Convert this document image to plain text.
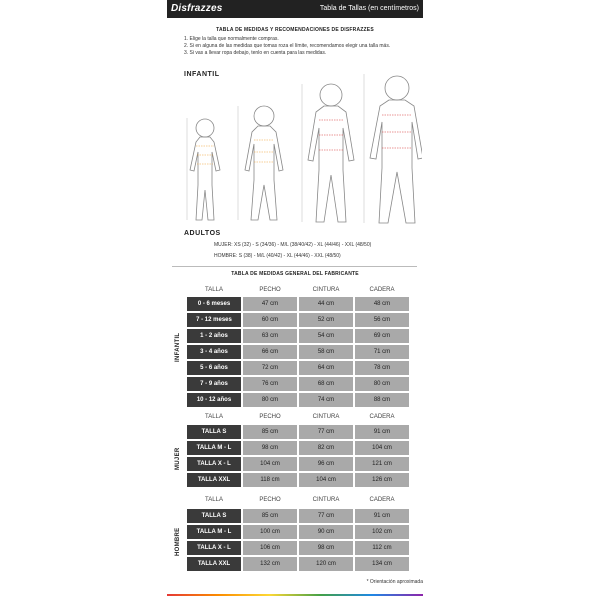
Disfrazzes	Tabla de Tallas (en centímetros)
TABLA DE MEDIDAS Y RECOMENDACIONES DE DISFRAZZES
1. Elige la talla que normalmente compras.
2. Si en alguna de las medidas que tomas roza el límite, recomendamos elegir una talla más.
3. Si vas a llevar ropa debajo, tenlo en cuenta para las medidas.
INFANTIL
ADULTOS
MUJER: XS (32) - S (34/36) - M/L (38/40/42) - XL (44/46) - XXL (48/50)
HOMBRE: S (38) - M/L (40/42) - XL (44/46) - XXL (48/50)
TABLA DE MEDIDAS GENERAL DEL FABRICANTE
TALLA	PECHO	CINTURA	CADERA
0 - 6 meses	47 cm	44 cm	48 cm
7 - 12 meses	60 cm	52 cm	56 cm
1 - 2 años	63 cm	54 cm	69 cm
3 - 4 años	66 cm	58 cm	71 cm
5 - 6 años	72 cm	64 cm	78 cm
7 - 9 años	76 cm	68 cm	80 cm
10 - 12 años	80 cm	74 cm	88 cm
INFANTIL
TALLA	PECHO	CINTURA	CADERA
TALLA S	85 cm	77 cm	91 cm
TALLA M - L	98 cm	82 cm	104 cm
TALLA X - L	104 cm	96 cm	121 cm
TALLA XXL	118 cm	104 cm	126 cm
MUJER
TALLA	PECHO	CINTURA	CADERA
TALLA S	85 cm	77 cm	91 cm
TALLA M - L	100 cm	90 cm	102 cm
TALLA X - L	106 cm	98 cm	112 cm
TALLA XXL	132 cm	120 cm	134 cm
HOMBRE
* Orientación aproximada
